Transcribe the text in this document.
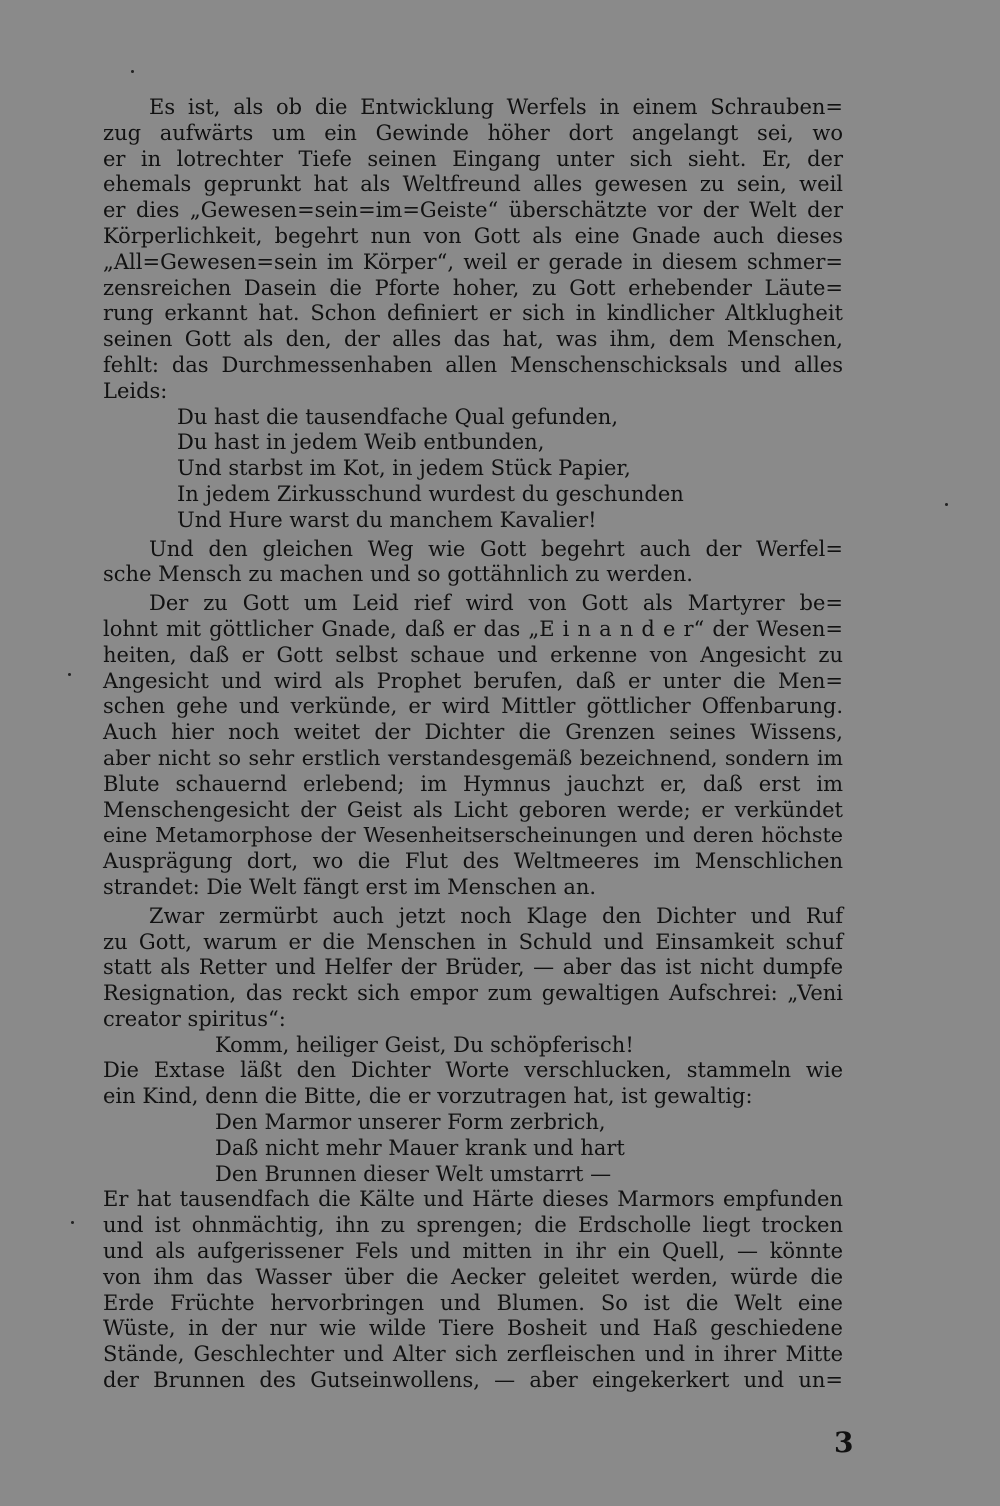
Es ist, als ob die Entwicklung Werfels in einem Schrauben=
zug aufwärts um ein Gewinde höher dort angelangt sei, wo
er in lotrechter Tiefe seinen Eingang unter sich sieht. Er, der
ehemals geprunkt hat als Weltfreund alles gewesen zu sein, weil
er dies „Gewesen=sein=im=Geiste“ überschätzte vor der Welt der
Körperlichkeit, begehrt nun von Gott als eine Gnade auch dieses
„All=Gewesen=sein im Körper“, weil er gerade in diesem schmer=
zensreichen Dasein die Pforte hoher, zu Gott erhebender Läute=
rung erkannt hat. Schon definiert er sich in kindlicher Altklugheit
seinen Gott als den, der alles das hat, was ihm, dem Menschen,
fehlt: das Durchmessenhaben allen Menschenschicksals und alles
Leids:
Du hast die tausendfache Qual gefunden,
Du hast in jedem Weib entbunden,
Und starbst im Kot, in jedem Stück Papier,
In jedem Zirkusschund wurdest du geschunden
Und Hure warst du manchem Kavalier!
Und den gleichen Weg wie Gott begehrt auch der Werfel=
sche Mensch zu machen und so gottähnlich zu werden.
Der zu Gott um Leid rief wird von Gott als Martyrer be=
lohnt mit göttlicher Gnade, daß er das „E i n a n d e r“ der Wesen=
heiten, daß er Gott selbst schaue und erkenne von Angesicht zu
Angesicht und wird als Prophet berufen, daß er unter die Men=
schen gehe und verkünde, er wird Mittler göttlicher Offenbarung.
Auch hier noch weitet der Dichter die Grenzen seines Wissens,
aber nicht so sehr erstlich verstandesgemäß bezeichnend, sondern im
Blute schauernd erlebend; im Hymnus jauchzt er, daß erst im
Menschengesicht der Geist als Licht geboren werde; er verkündet
eine Metamorphose der Wesenheitserscheinungen und deren höchste
Ausprägung dort, wo die Flut des Weltmeeres im Menschlichen
strandet: Die Welt fängt erst im Menschen an.
Zwar zermürbt auch jetzt noch Klage den Dichter und Ruf
zu Gott, warum er die Menschen in Schuld und Einsamkeit schuf
statt als Retter und Helfer der Brüder, — aber das ist nicht dumpfe
Resignation, das reckt sich empor zum gewaltigen Aufschrei: „Veni
creator spiritus“:
Komm, heiliger Geist, Du schöpferisch!
Die Extase läßt den Dichter Worte verschlucken, stammeln wie
ein Kind, denn die Bitte, die er vorzutragen hat, ist gewaltig:
Den Marmor unserer Form zerbrich,
Daß nicht mehr Mauer krank und hart
Den Brunnen dieser Welt umstarrt —
Er hat tausendfach die Kälte und Härte dieses Marmors empfunden
und ist ohnmächtig, ihn zu sprengen; die Erdscholle liegt trocken
und als aufgerissener Fels und mitten in ihr ein Quell, — könnte
von ihm das Wasser über die Aecker geleitet werden, würde die
Erde Früchte hervorbringen und Blumen. So ist die Welt eine
Wüste, in der nur wie wilde Tiere Bosheit und Haß geschiedene
Stände, Geschlechter und Alter sich zerfleischen und in ihrer Mitte
der Brunnen des Gutseinwollens, — aber eingekerkert und un=
3
